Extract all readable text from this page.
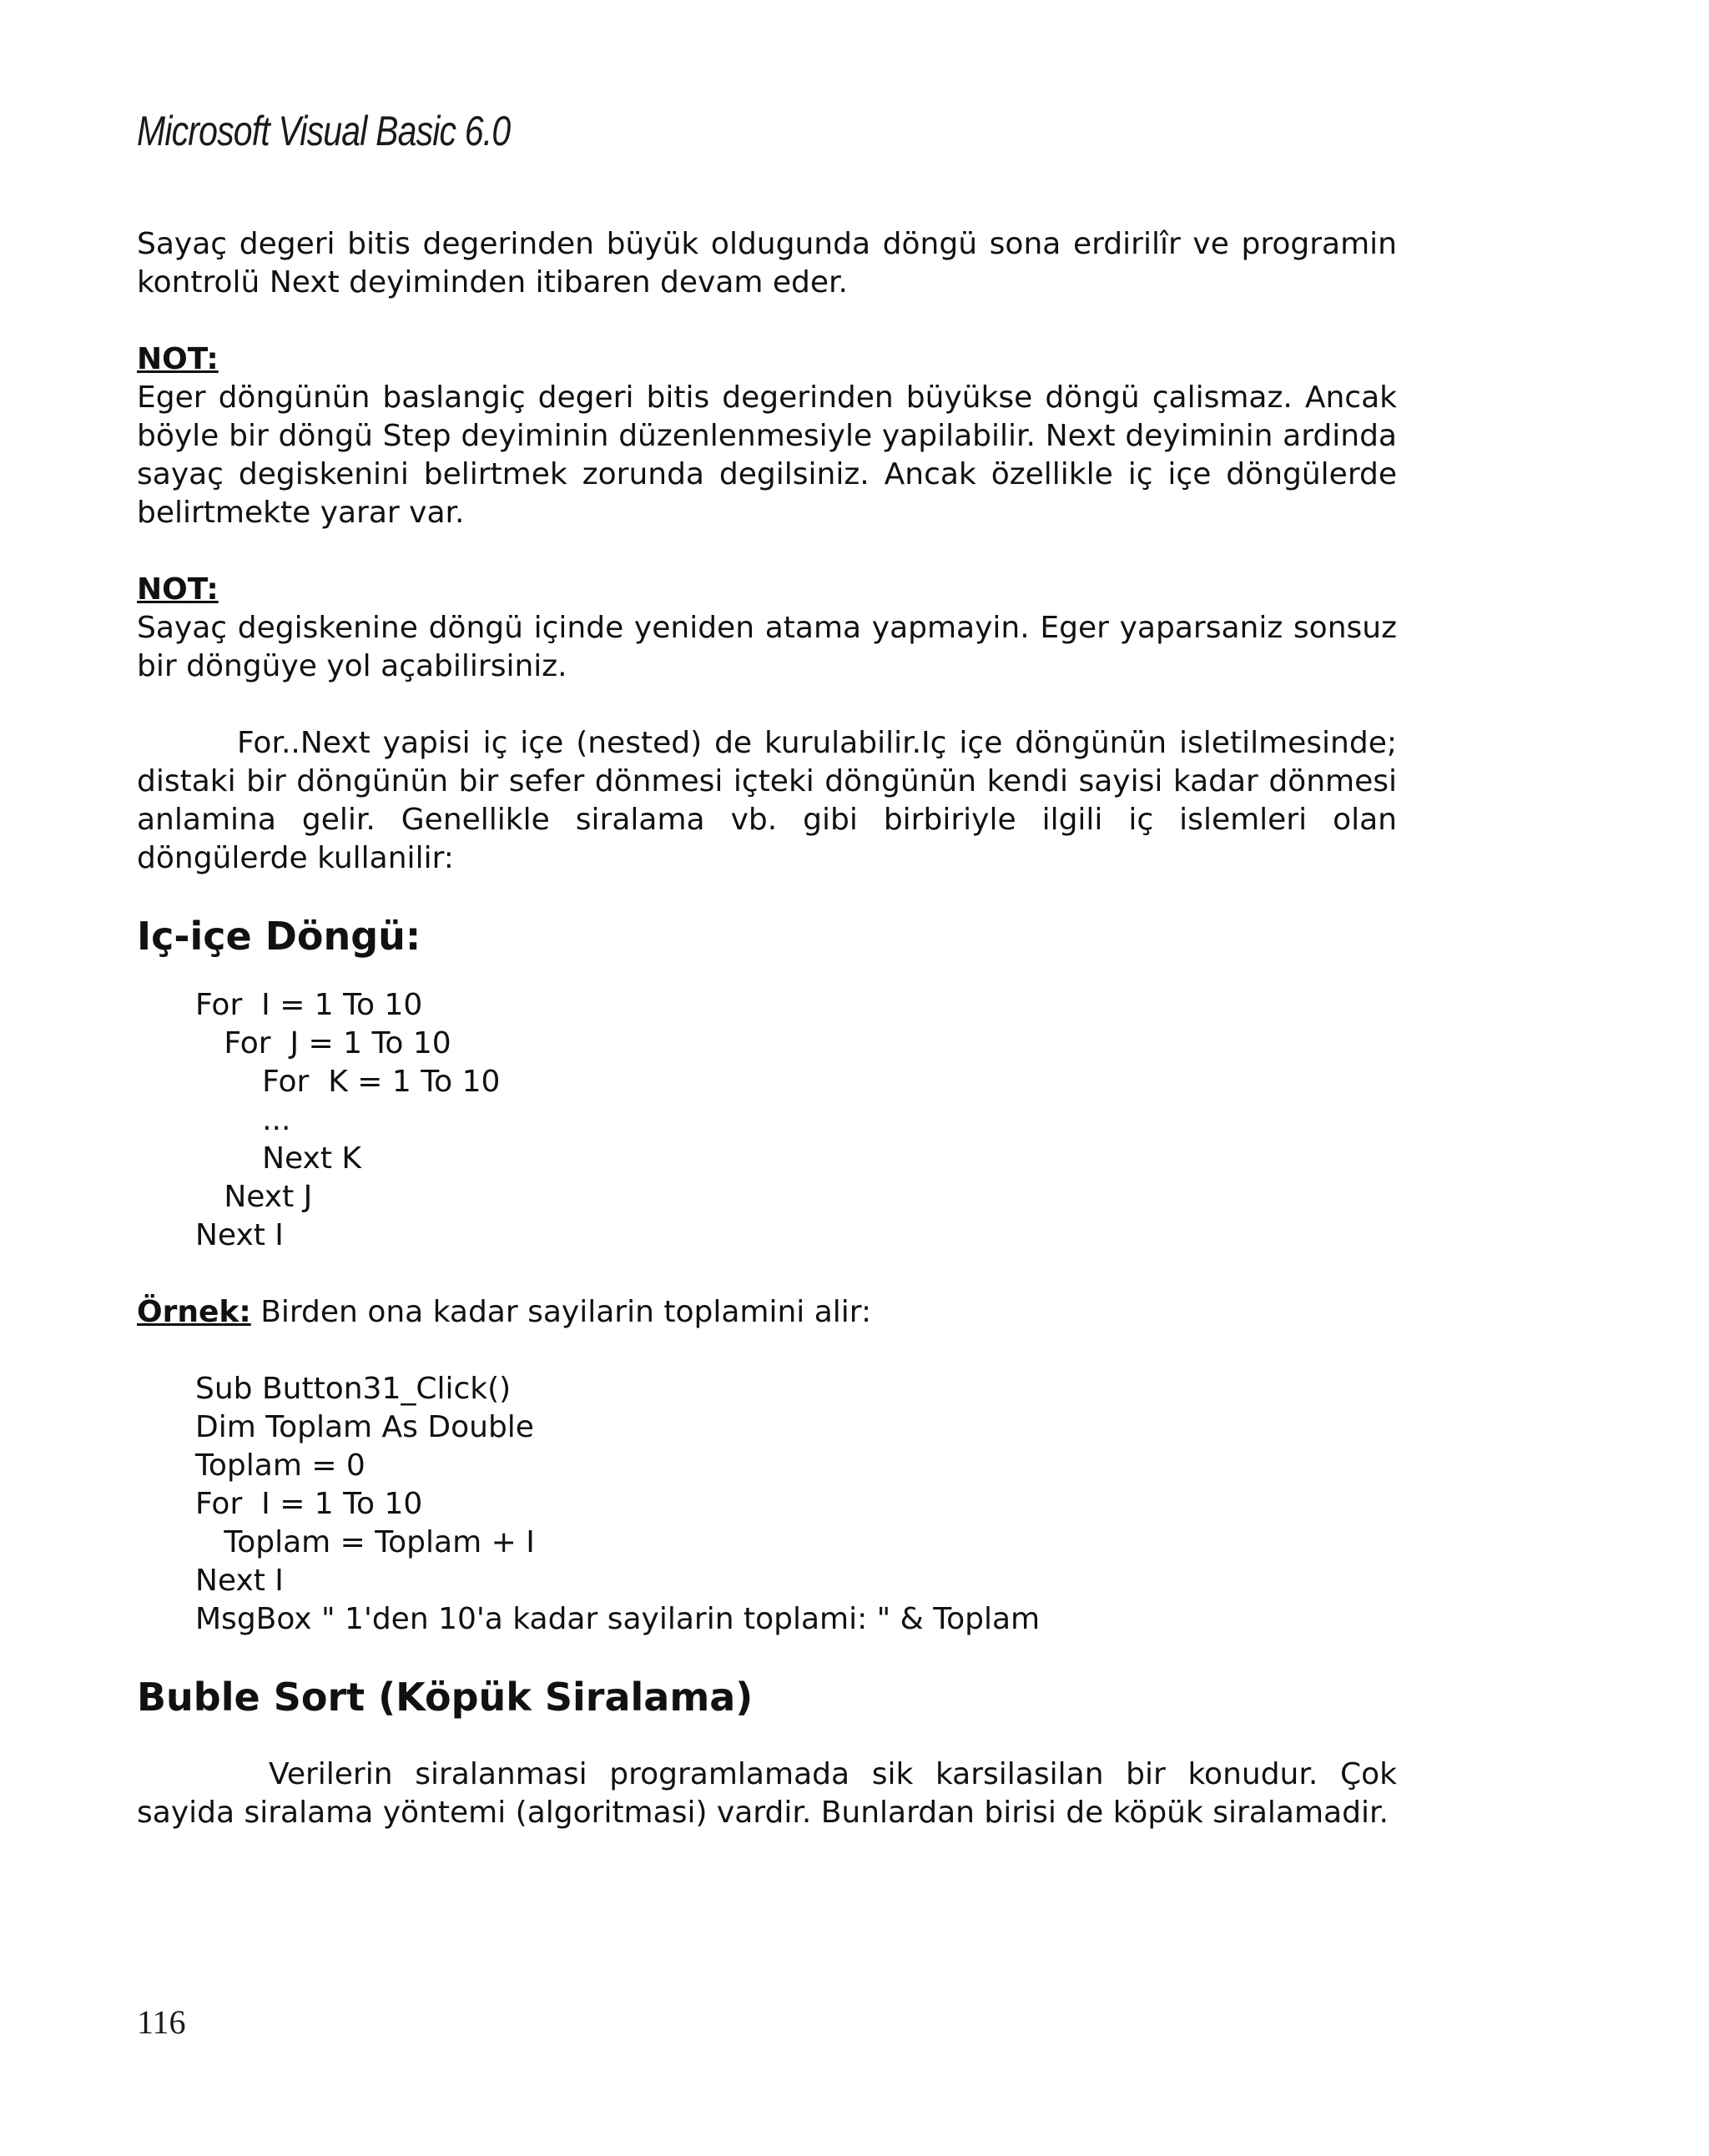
Microsoft Visual Basic 6.0

Sayaç degeri bitis degerinden büyük oldugunda döngü sona erdirilîr ve programin kontrolü Next deyiminden itibaren devam eder.

NOT:

Eger döngünün baslangiç degeri bitis degerinden büyükse döngü çalismaz. Ancak böyle bir döngü Step deyiminin düzenlenmesiyle yapilabilir. Next deyiminin ardinda sayaç degiskenini belirtmek zorunda degilsiniz. Ancak özellikle iç içe döngülerde belirtmekte yarar var.

NOT:

Sayaç degiskenine döngü içinde yeniden atama yapmayin. Eger yaparsaniz sonsuz bir döngüye yol açabilirsiniz.

For..Next yapisi iç içe (nested) de kurulabilir.Iç içe döngünün isletilmesinde; distaki bir döngünün bir sefer dönmesi içteki döngünün kendi sayisi kadar dönmesi anlamina gelir. Genellikle siralama vb. gibi birbiriyle ilgili iç islemleri olan döngülerde kullanilir:

Iç-içe Döngü:

For  I = 1 To 10

For  J = 1 To 10

For  K = 1 To 10

...

Next K

Next J

Next I

Örnek: Birden ona kadar sayilarin toplamini alir:

Sub Button31_Click()

Dim Toplam As Double

Toplam = 0

For  I = 1 To 10

Toplam = Toplam + I

Next I

MsgBox " 1'den 10'a kadar sayilarin toplami: " & Toplam

Buble Sort (Köpük Siralama)

Verilerin siralanmasi programlamada sik karsilasilan bir konudur. Çok sayida siralama yöntemi (algoritmasi) vardir. Bunlardan birisi de köpük siralamadir.

116
